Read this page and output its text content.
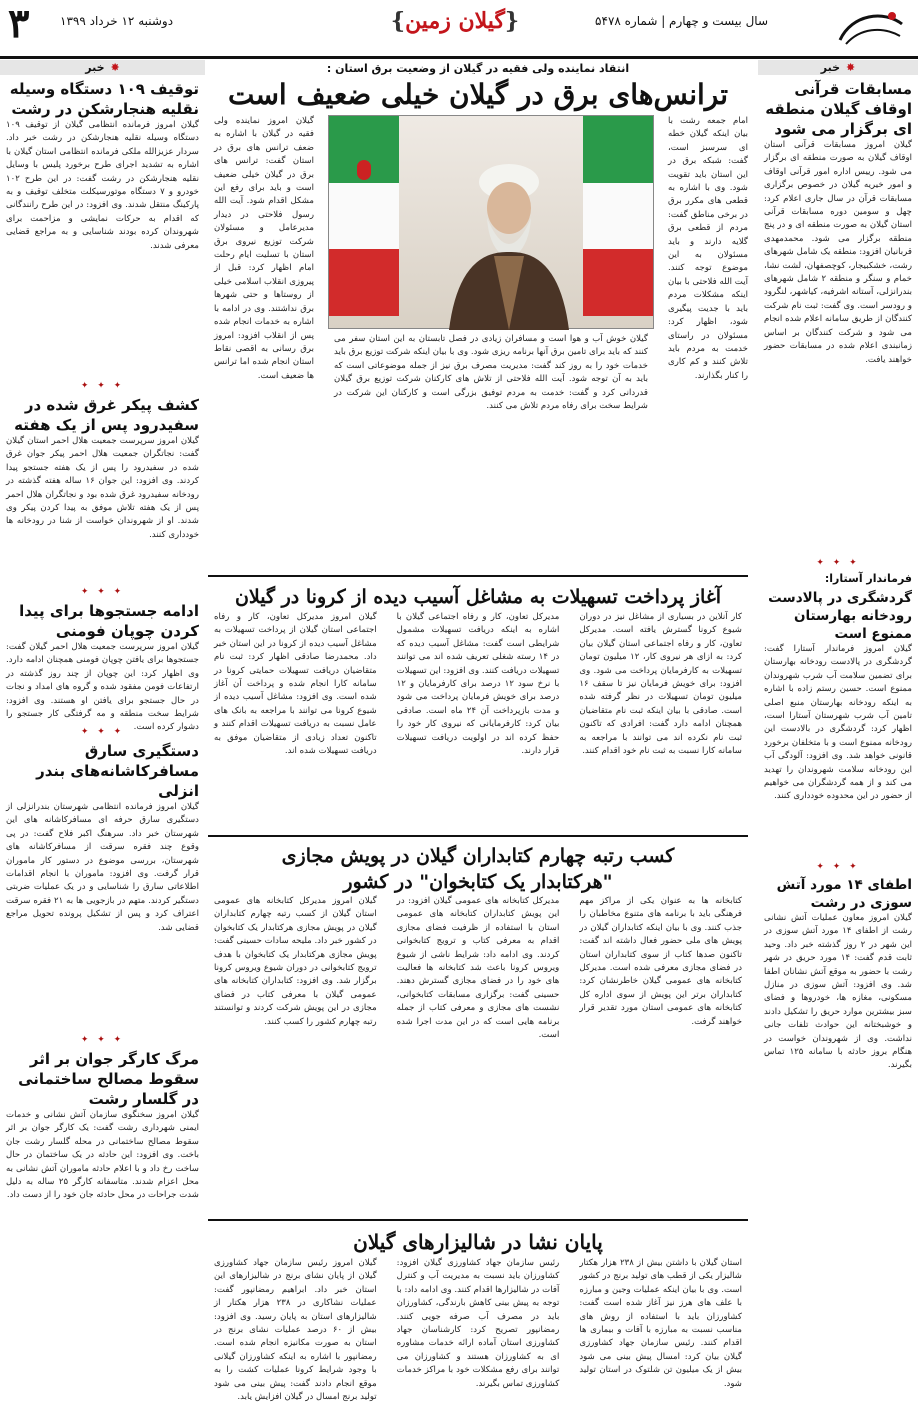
۳	دوشنبه ۱۲ خرداد ۱۳۹۹	{گیلان زمین}	سال بیست و چهارم | شماره ۵۴۷۸
✸خبر
مسابقات قرآنی اوقاف گیلان منطقه ای برگزار می شود
گیلان امروز مسابقات قرآنی استان اوقاف گیلان به صورت منطقه ای برگزار می شود. رییس اداره امور قرآنی اوقاف و امور خیریه گیلان در خصوص برگزاری مسابقات قرآن در سال جاری اعلام کرد: چهل و سومین دوره مسابقات قرآنی استان گیلان به صورت منطقه ای و در پنج منطقه برگزار می شود. محمدمهدی قربانیان افزود: منطقه یک شامل شهرهای رشت، خشکبیجار، کوچصفهان، لشت نشا، خمام و سنگر و منطقه ۲ شامل شهرهای بندرانزلی، آستانه اشرفیه، کیاشهر، لنگرود و رودسر است. وی گفت: ثبت نام شرکت کنندگان از طریق سامانه اعلام شده انجام می شود و شرکت کنندگان بر اساس زمانبندی اعلام شده در مسابقات حضور خواهند یافت.
✦ ✦ ✦
فرماندار آستارا:
گردشگری در پالادست رودخانه بهارستان ممنوع است
گیلان امروز فرماندار آستارا گفت: گردشگری در پالادست رودخانه بهارستان برای تضمین سلامت آب شرب شهروندان ممنوع است. حسین رستم زاده با اشاره به اینکه رودخانه بهارستان منبع اصلی تامین آب شرب شهرستان آستارا است، اظهار کرد: گردشگری در بالادست این رودخانه ممنوع است و با متخلفان برخورد قانونی خواهد شد. وی افزود: آلودگی آب این رودخانه سلامت شهروندان را تهدید می کند و از همه گردشگران می خواهیم از حضور در این محدوده خودداری کنند.
✦ ✦ ✦
اطفای ۱۴ مورد آتش سوزی در رشت
گیلان امروز معاون عملیات آتش نشانی رشت از اطفای ۱۴ مورد آتش سوزی در این شهر در ۲ روز گذشته خبر داد. وحید ثابت قدم گفت: ۱۴ مورد حریق در شهر رشت با حضور به موقع آتش نشانان اطفا شد. وی افزود: آتش سوزی در منازل مسکونی، مغازه ها، خودروها و فضای سبز بیشترین موارد حریق را تشکیل دادند و خوشبختانه این حوادث تلفات جانی نداشت. وی از شهروندان خواست در هنگام بروز حادثه با سامانه ۱۲۵ تماس بگیرند.
انتقاد نماینده ولی فقیه در گیلان از وضعیت برق استان :
ترانس‌های برق در گیلان خیلی ضعیف است
گیلان امروز نماینده ولی فقیه در گیلان با اشاره به ضعف ترانس های برق در استان گفت: ترانس های برق در گیلان خیلی ضعیف است و باید برای رفع این مشکل اقدام شود. آیت الله رسول فلاحتی در دیدار مدیرعامل و مسئولان شرکت توزیع نیروی برق استان با تسلیت ایام رحلت امام اظهار کرد: قبل از پیروزی انقلاب اسلامی خیلی از روستاها و حتی شهرها برق نداشتند. وی در ادامه با اشاره به خدمات انجام شده پس از انقلاب افزود: امروز برق رسانی به اقصی نقاط استان انجام شده اما ترانس ها ضعیف است.
گیلان خوش آب و هوا است و مسافران زیادی در فصل تابستان به این استان سفر می کنند که باید برای تامین برق آنها برنامه ریزی شود. وی با بیان اینکه شرکت توزیع برق باید خدمات خود را به روز کند گفت: مدیریت مصرف برق نیز از جمله موضوعاتی است که باید به آن توجه شود. آیت الله فلاحتی از تلاش های کارکنان شرکت توزیع برق گیلان قدردانی کرد و گفت: خدمت به مردم توفیق بزرگی است و کارکنان این شرکت در شرایط سخت برای رفاه مردم تلاش می کنند.
امام جمعه رشت با بیان اینکه گیلان خطه ای سرسبز است، گفت: شبکه برق در این استان باید تقویت شود. وی با اشاره به قطعی های مکرر برق در برخی مناطق گفت: مردم از قطعی برق گلایه دارند و باید مسئولان به این موضوع توجه کنند. آیت الله فلاحتی با بیان اینکه مشکلات مردم باید با جدیت پیگیری شود، اظهار کرد: مسئولان در راستای خدمت به مردم باید تلاش کنند و کم کاری را کنار بگذارند.
آغاز پرداخت تسهیلات به مشاغل آسیب دیده از کرونا در گیلان
گیلان امروز مدیرکل تعاون، کار و رفاه اجتماعی استان گیلان از پرداخت تسهیلات به مشاغل آسیب دیده از کرونا در این استان خبر داد. محمدرضا صادقی اظهار کرد: ثبت نام متقاضیان دریافت تسهیلات حمایتی کرونا در سامانه کارا انجام شده و پرداخت آن آغاز شده است. وی افزود: مشاغل آسیب دیده از شیوع کرونا می توانند با مراجعه به بانک های عامل نسبت به دریافت تسهیلات اقدام کنند و تاکنون تعداد زیادی از متقاضیان موفق به دریافت تسهیلات شده اند.
مدیرکل تعاون، کار و رفاه اجتماعی گیلان با اشاره به اینکه دریافت تسهیلات مشمول شرایطی است گفت: مشاغل آسیب دیده که در ۱۴ رسته شغلی تعریف شده اند می توانند تسهیلات دریافت کنند. وی افزود: این تسهیلات با نرخ سود ۱۲ درصد برای کارفرمایان و ۱۲ درصد برای خویش فرمایان پرداخت می شود و مدت بازپرداخت آن ۲۴ ماه است. صادقی بیان کرد: کارفرمایانی که نیروی کار خود را حفظ کرده اند در اولویت دریافت تسهیلات قرار دارند.
کار آنلاین در بسیاری از مشاغل نیز در دوران شیوع کرونا گسترش یافته است. مدیرکل تعاون، کار و رفاه اجتماعی استان گیلان بیان کرد: به ازای هر نیروی کار، ۱۲ میلیون تومان تسهیلات به کارفرمایان پرداخت می شود. وی افزود: برای خویش فرمایان نیز تا سقف ۱۶ میلیون تومان تسهیلات در نظر گرفته شده است. صادقی با بیان اینکه ثبت نام متقاضیان همچنان ادامه دارد گفت: افرادی که تاکنون ثبت نام نکرده اند می توانند با مراجعه به سامانه کارا نسبت به ثبت نام خود اقدام کنند.
کسب رتبه چهارم کتابداران گیلان در پویش مجازی
"هرکتابدار یک کتابخوان" در کشور
گیلان امروز مدیرکل کتابخانه های عمومی استان گیلان از کسب رتبه چهارم کتابداران گیلان در پویش مجازی هرکتابدار یک کتابخوان در کشور خبر داد. ملیحه سادات حسینی گفت: پویش مجازی هرکتابدار یک کتابخوان با هدف ترویج کتابخوانی در دوران شیوع ویروس کرونا برگزار شد. وی افزود: کتابداران کتابخانه های عمومی گیلان با معرفی کتاب در فضای مجازی در این پویش شرکت کردند و توانستند رتبه چهارم کشور را کسب کنند.
مدیرکل کتابخانه های عمومی گیلان افزود: در این پویش کتابداران کتابخانه های عمومی استان با استفاده از ظرفیت فضای مجازی اقدام به معرفی کتاب و ترویج کتابخوانی کردند. وی ادامه داد: شرایط ناشی از شیوع ویروس کرونا باعث شد کتابخانه ها فعالیت های خود را در فضای مجازی گسترش دهند. حسینی گفت: برگزاری مسابقات کتابخوانی، نشست های مجازی و معرفی کتاب از جمله برنامه هایی است که در این مدت اجرا شده است.
کتابخانه ها به عنوان یکی از مراکز مهم فرهنگی باید با برنامه های متنوع مخاطبان را جذب کنند. وی با بیان اینکه کتابداران گیلان در پویش های ملی حضور فعال داشته اند گفت: تاکنون صدها کتاب از سوی کتابداران استان در فضای مجازی معرفی شده است. مدیرکل کتابخانه های عمومی گیلان خاطرنشان کرد: کتابداران برتر این پویش از سوی اداره کل کتابخانه های عمومی استان مورد تقدیر قرار خواهند گرفت.
پایان نشا در شالیزارهای گیلان
گیلان امروز رئیس سازمان جهاد کشاورزی گیلان از پایان نشای برنج در شالیزارهای این استان خبر داد. ابراهیم رمضانپور گفت: عملیات نشاکاری در ۲۳۸ هزار هکتار از شالیزارهای استان به پایان رسید. وی افزود: بیش از ۶۰ درصد عملیات نشای برنج در استان به صورت مکانیزه انجام شده است. رمضانپور با اشاره به اینکه کشاورزان گیلانی با وجود شرایط کرونا عملیات کشت را به موقع انجام دادند گفت: پیش بینی می شود تولید برنج امسال در گیلان افزایش یابد.
رئیس سازمان جهاد کشاورزی گیلان افزود: کشاورزان باید نسبت به مدیریت آب و کنترل آفات در شالیزارها اقدام کنند. وی ادامه داد: با توجه به پیش بینی کاهش بارندگی، کشاورزان باید در مصرف آب صرفه جویی کنند. رمضانپور تصریح کرد: کارشناسان جهاد کشاورزی استان آماده ارائه خدمات مشاوره ای به کشاورزان هستند و کشاورزان می توانند برای رفع مشکلات خود با مراکز خدمات کشاورزی تماس بگیرند.
استان گیلان با داشتن بیش از ۲۳۸ هزار هکتار شالیزار یکی از قطب های تولید برنج در کشور است. وی با بیان اینکه عملیات وجین و مبارزه با علف های هرز نیز آغاز شده است گفت: کشاورزان باید با استفاده از روش های مناسب نسبت به مبارزه با آفات و بیماری ها اقدام کنند. رئیس سازمان جهاد کشاورزی گیلان بیان کرد: امسال پیش بینی می شود بیش از یک میلیون تن شلتوک در استان تولید شود.
✸خبر
توقیف ۱۰۹ دستگاه وسیله نقلیه هنجارشکن در رشت
گیلان امروز فرمانده انتظامی گیلان از توقیف ۱۰۹ دستگاه وسیله نقلیه هنجارشکن در رشت خبر داد. سردار عزیزالله ملکی فرمانده انتظامی استان گیلان با اشاره به تشدید اجرای طرح برخورد پلیس با وسایل نقلیه هنجارشکن در رشت گفت: در این طرح ۱۰۲ خودرو و ۷ دستگاه موتورسیکلت متخلف توقیف و به پارکینگ منتقل شدند. وی افزود: در این طرح رانندگانی که اقدام به حرکات نمایشی و مزاحمت برای شهروندان کرده بودند شناسایی و به مراجع قضایی معرفی شدند.
✦ ✦ ✦
کشف پیکر غرق شده در سفیدرود پس از یک هفته
گیلان امروز سرپرست جمعیت هلال احمر استان گیلان گفت: نجاتگران جمعیت هلال احمر پیکر جوان غرق شده در سفیدرود را پس از یک هفته جستجو پیدا کردند. وی افزود: این جوان ۱۶ ساله هفته گذشته در رودخانه سفیدرود غرق شده بود و نجاتگران هلال احمر پس از یک هفته تلاش موفق به پیدا کردن پیکر وی شدند. او از شهروندان خواست از شنا در رودخانه ها خودداری کنند.
✦ ✦ ✦
ادامه جستجوها برای پیدا کردن چوپان فومنی
گیلان امروز سرپرست جمعیت هلال احمر گیلان گفت: جستجوها برای یافتن چوپان فومنی همچنان ادامه دارد. وی اظهار کرد: این چوپان از چند روز گذشته در ارتفاعات فومن مفقود شده و گروه های امداد و نجات در حال جستجو برای یافتن او هستند. وی افزود: شرایط سخت منطقه و مه گرفتگی کار جستجو را دشوار کرده است.
✦ ✦ ✦
دستگیری سارق مسافرکاشانه‌های بندر انزلی
گیلان امروز فرمانده انتظامی شهرستان بندرانزلی از دستگیری سارق حرفه ای مسافرکاشانه های این شهرستان خبر داد. سرهنگ اکبر فلاح گفت: در پی وقوع چند فقره سرقت از مسافرکاشانه های شهرستان، بررسی موضوع در دستور کار ماموران قرار گرفت. وی افزود: ماموران با انجام اقدامات اطلاعاتی سارق را شناسایی و در یک عملیات ضربتی دستگیر کردند. متهم در بازجویی ها به ۲۱ فقره سرقت اعتراف کرد و پس از تشکیل پرونده تحویل مراجع قضایی شد.
✦ ✦ ✦
مرگ کارگر جوان بر اثر سقوط مصالح ساختمانی در گلسار رشت
گیلان امروز سخنگوی سازمان آتش نشانی و خدمات ایمنی شهرداری رشت گفت: یک کارگر جوان بر اثر سقوط مصالح ساختمانی در محله گلسار رشت جان باخت. وی افزود: این حادثه در یک ساختمان در حال ساخت رخ داد و با اعلام حادثه ماموران آتش نشانی به محل اعزام شدند. متاسفانه کارگر ۲۵ ساله به دلیل شدت جراحات در محل حادثه جان خود را از دست داد.
